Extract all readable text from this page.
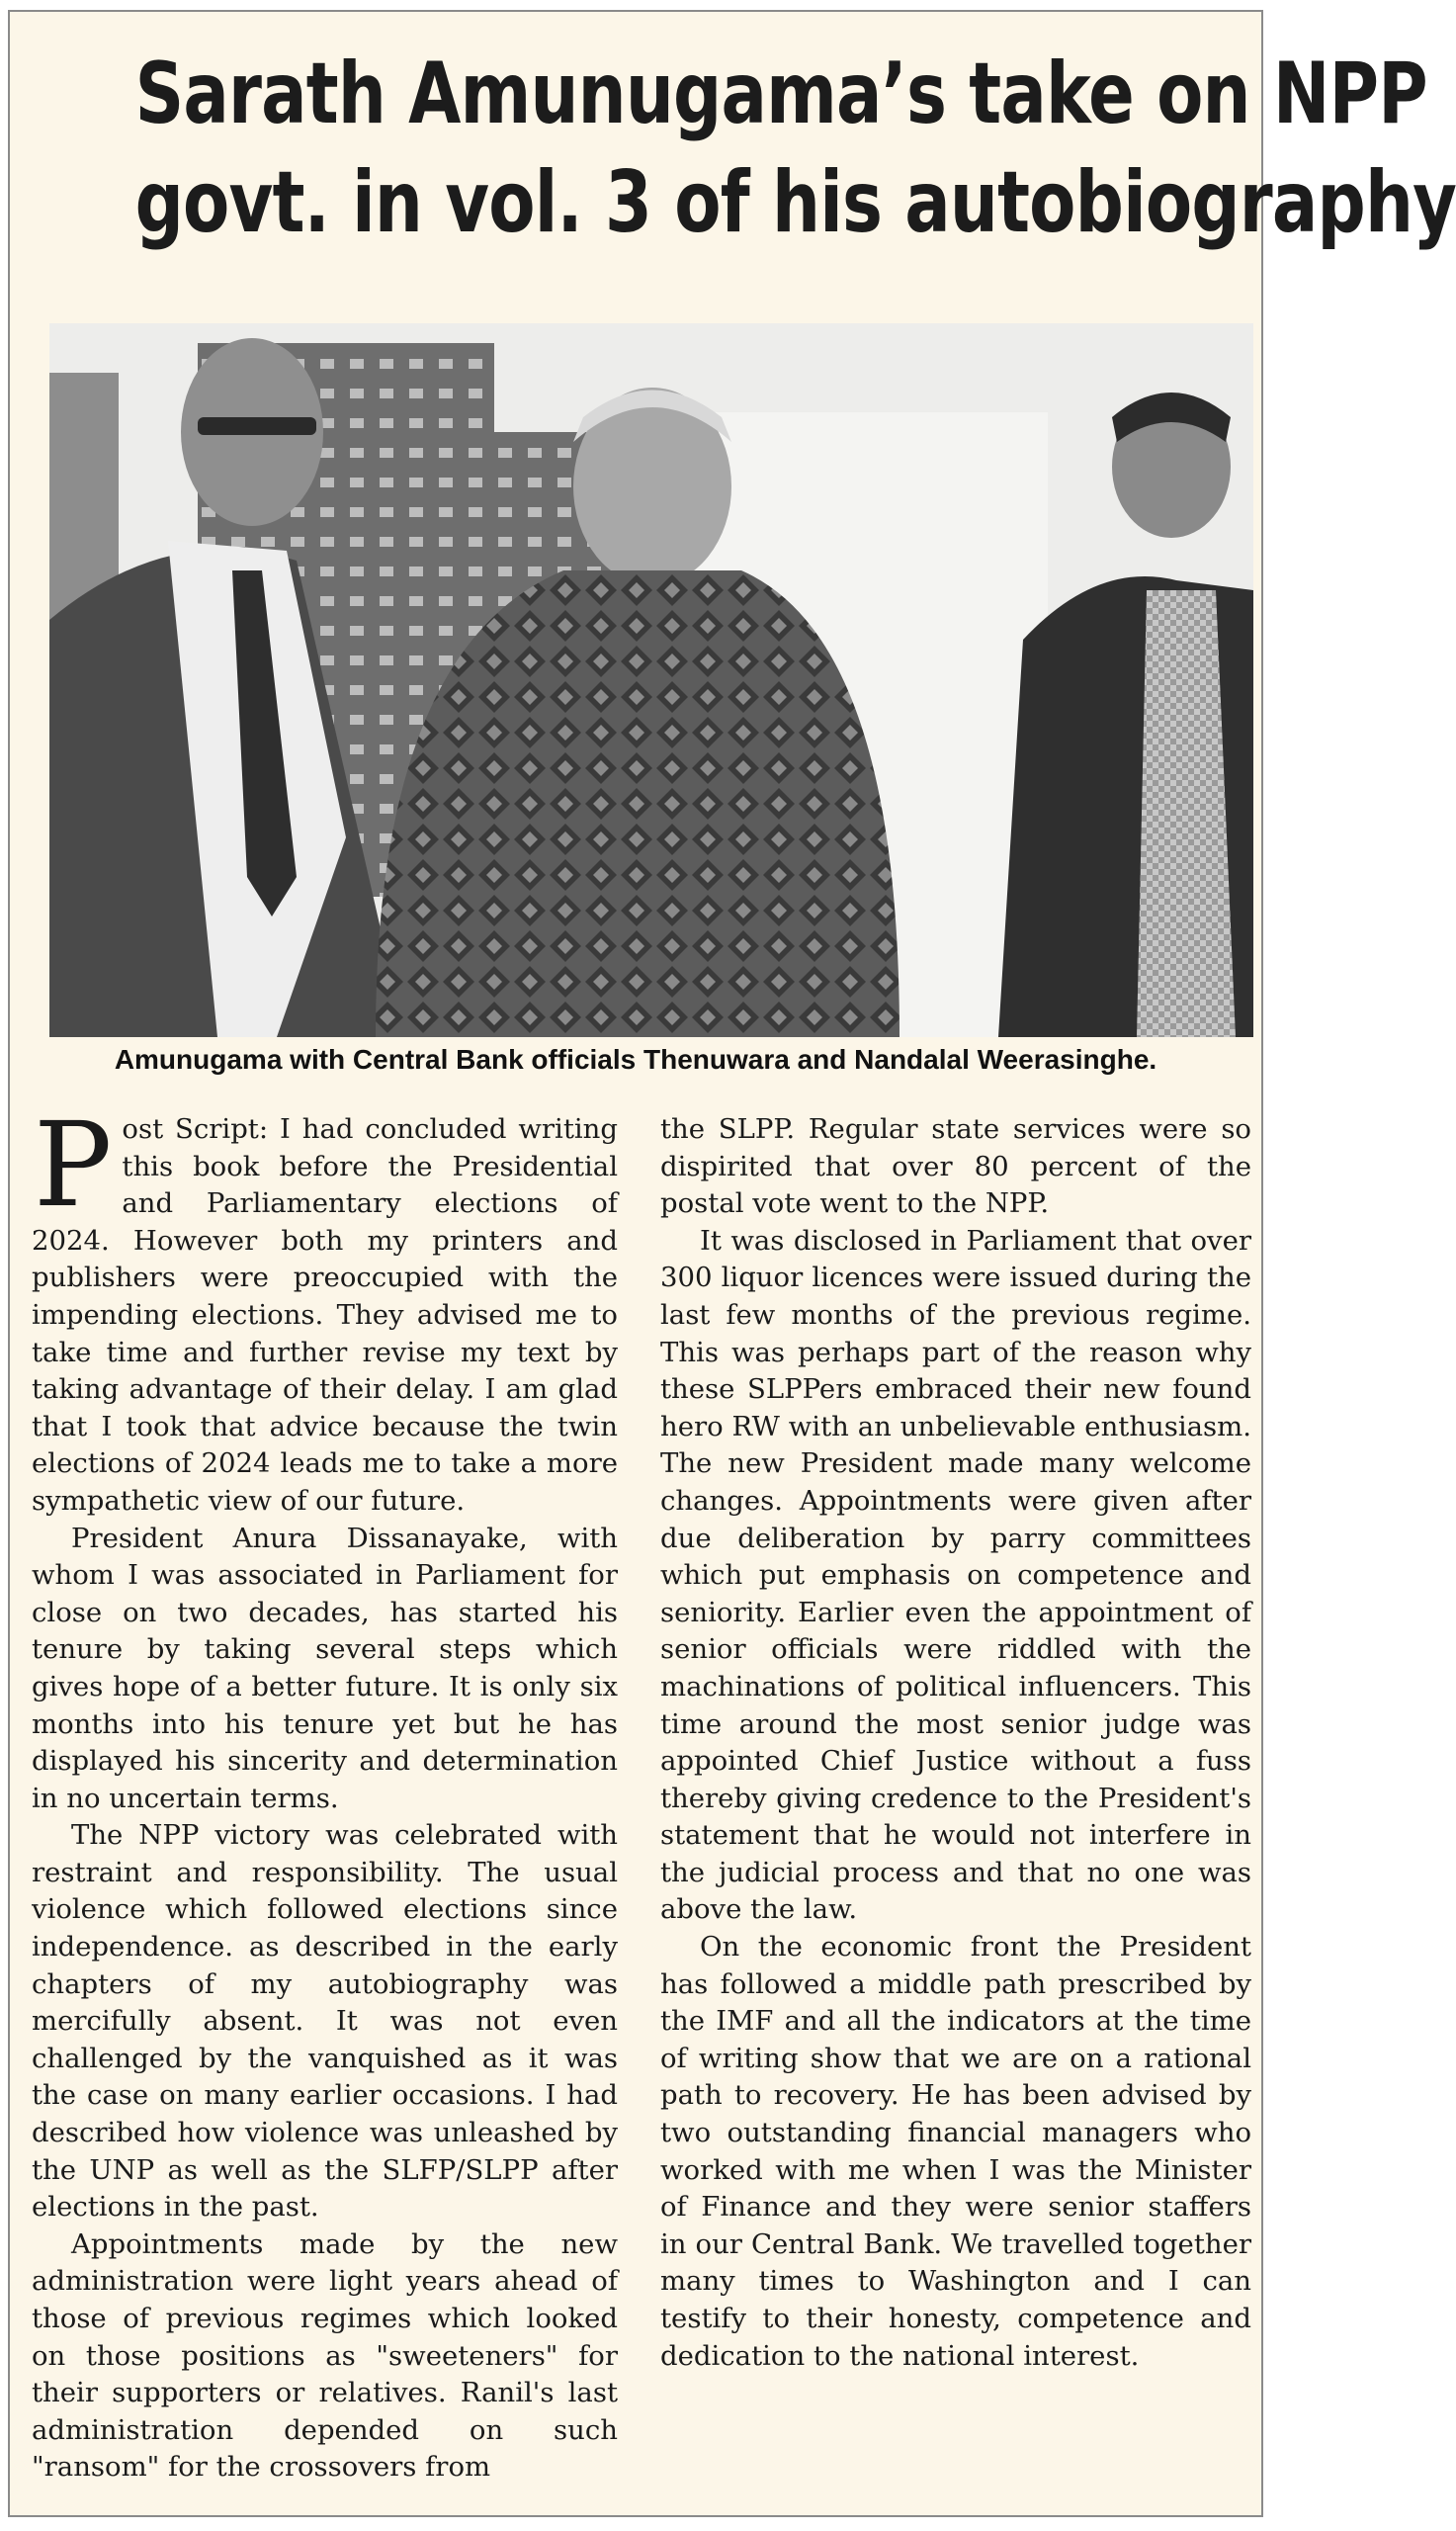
Sarath Amunugama’s take on NPP
govt. in vol. 3 of his autobiography
Amunugama with Central Bank officials Thenuwara and Nandalal Weerasinghe.

Post Script: I had concluded writing this book before the Presidential and Parliamentary elections of 2024. However both my printers and publishers were preoccupied with the impending elections. They advised me to take time and further revise my text by taking advantage of their delay. I am glad that I took that advice because the twin elections of 2024 leads me to take a more sympathetic view of our future.

President Anura Dissanayake, with whom I was associated in Parliament for close on two decades, has started his tenure by taking several steps which gives hope of a better future. It is only six months into his tenure yet but he has displayed his sincerity and determination in no uncertain terms.

The NPP victory was celebrated with restraint and responsibility. The usual violence which followed elections since independence. as described in the early chapters of my autobiography was mercifully absent. It was not even challenged by the vanquished as it was the case on many earlier occasions. I had described how violence was unleashed by the UNP as well as the SLFP/SLPP after elections in the past.

Appointments made by the new administration were light years ahead of those of previous regimes which looked on those positions as "sweeteners" for their supporters or relatives. Ranil's last administration depended on such "ransom" for the crossovers from

the SLPP. Regular state services were so dispirited that over 80 percent of the postal vote went to the NPP.

It was disclosed in Parliament that over 300 liquor licences were issued during the last few months of the previous regime. This was perhaps part of the reason why these SLPPers embraced their new found hero RW with an unbelievable enthusiasm. The new President made many welcome changes. Appointments were given after due deliberation by parry committees which put emphasis on competence and seniority. Earlier even the appointment of senior officials were riddled with the machinations of political influencers. This time around the most senior judge was appointed Chief Justice without a fuss thereby giving credence to the President's statement that he would not interfere in the judicial process and that no one was above the law.

On the economic front the President has followed a middle path prescribed by the IMF and all the indicators at the time of writing show that we are on a rational path to recovery. He has been advised by two outstanding financial managers who worked with me when I was the Minister of Finance and they were senior staffers in our Central Bank. We travelled together many times to Washington and I can testify to their honesty, competence and dedication to the national interest.
